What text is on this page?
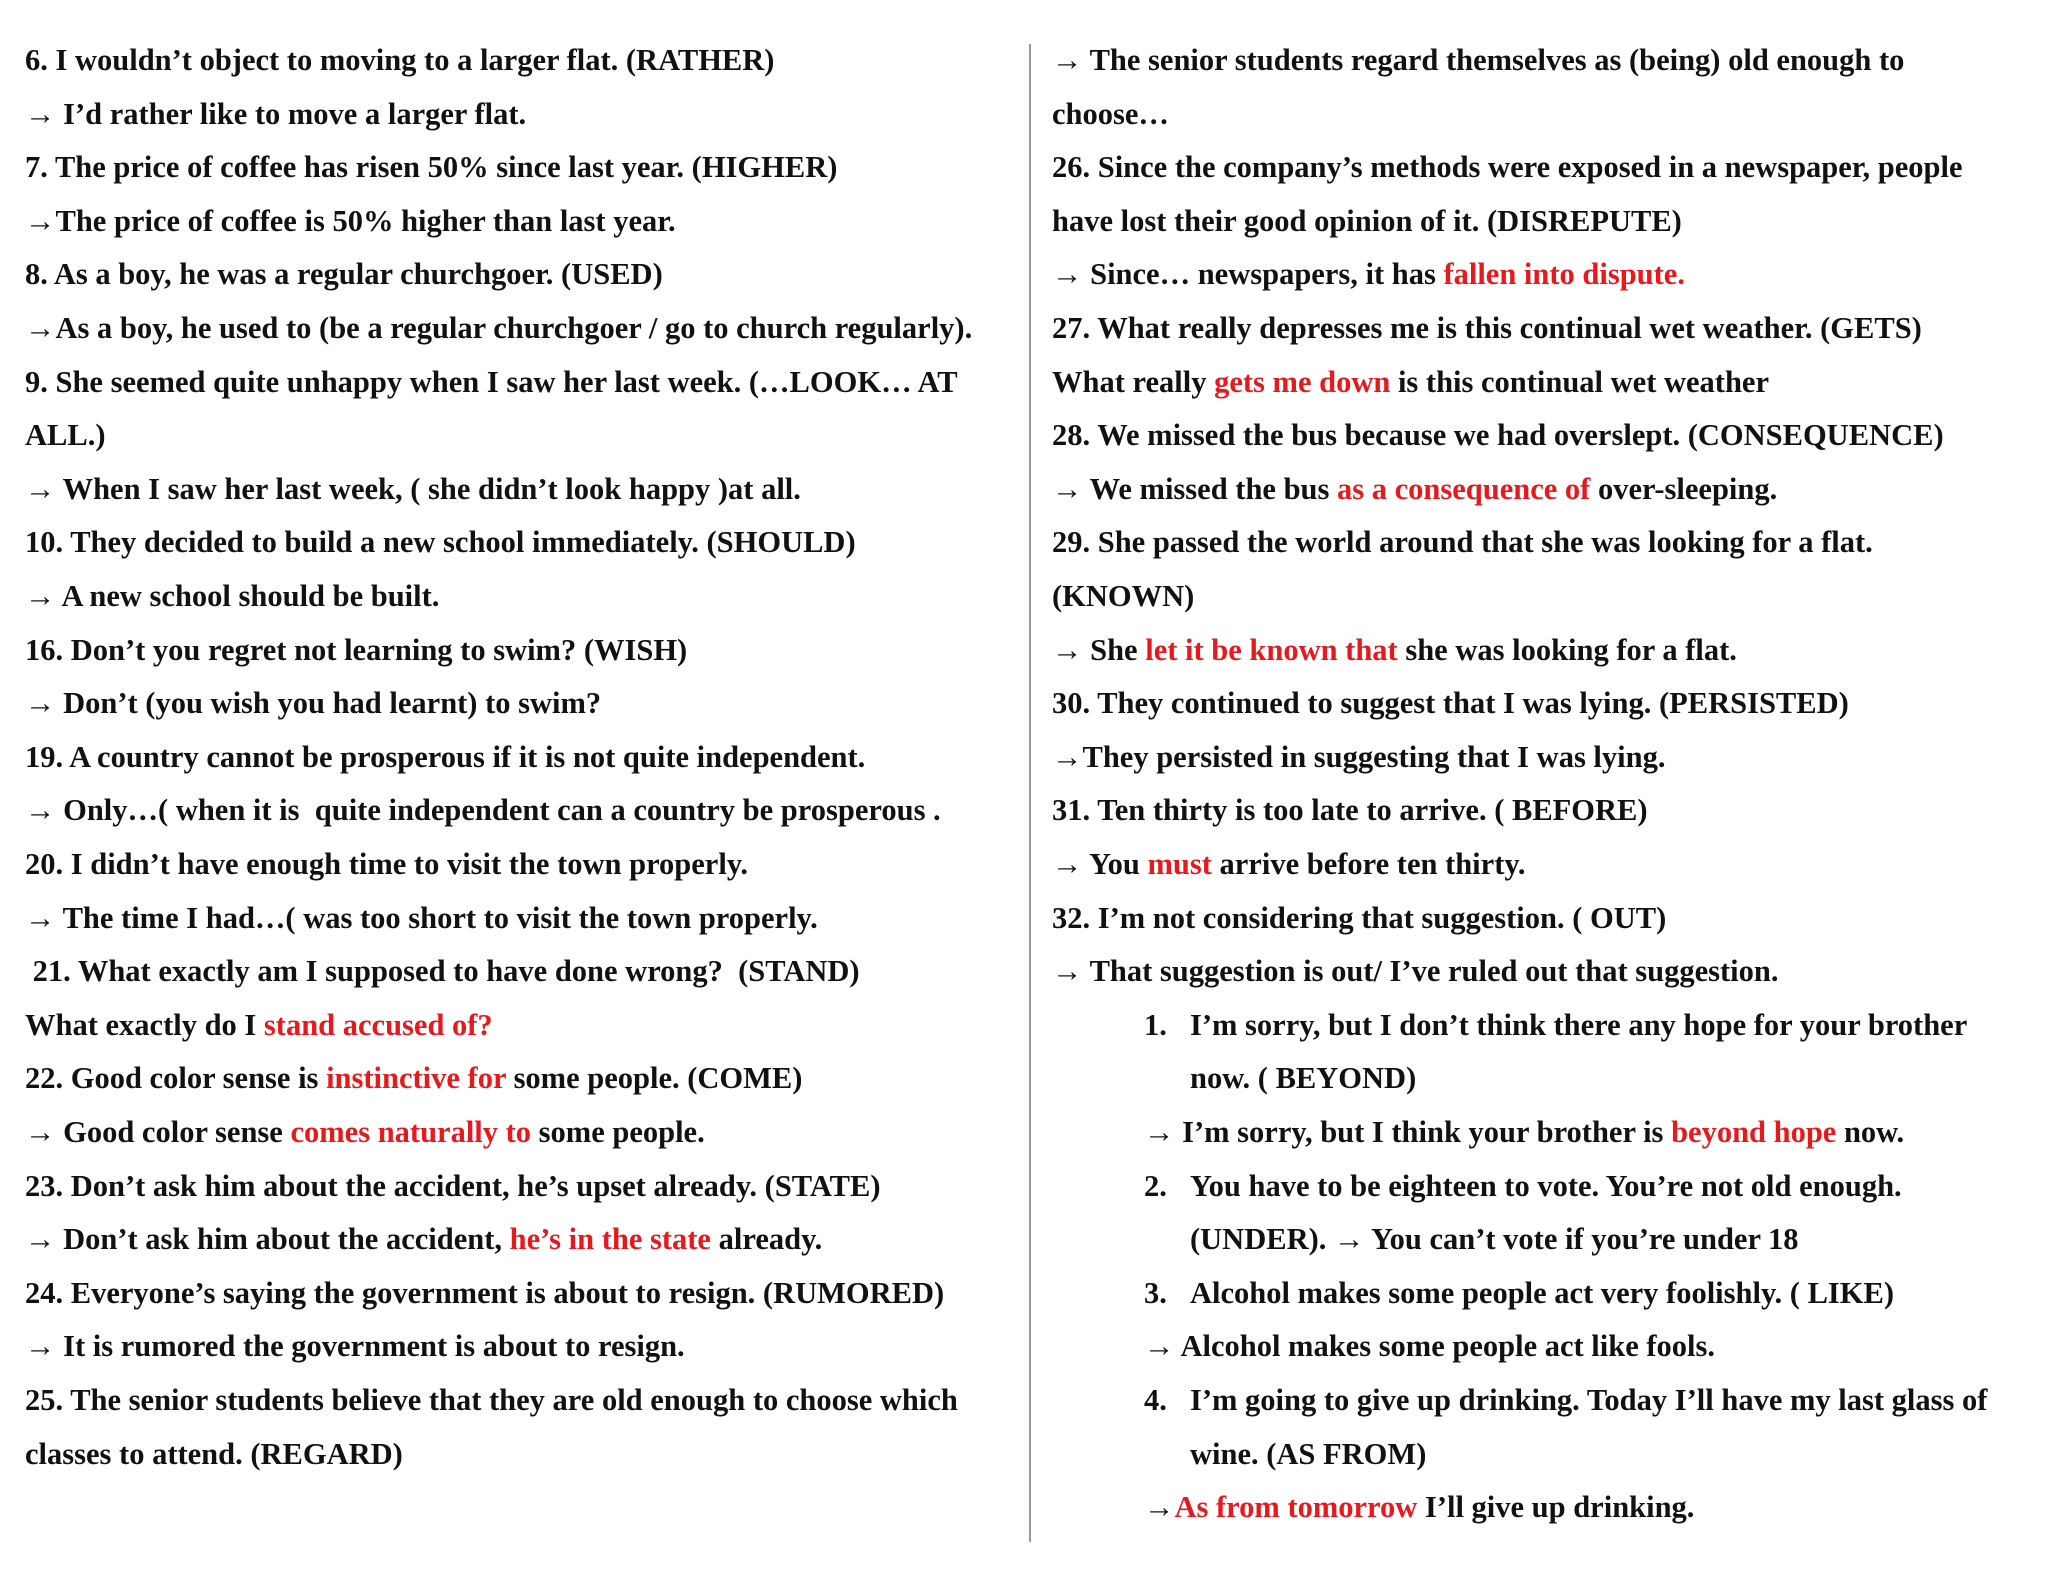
6. I wouldn’t object to moving to a larger flat. (RATHER)
→ I’d rather like to move a larger flat.
7. The price of coffee has risen 50% since last year. (HIGHER)
→The price of coffee is 50% higher than last year.
8. As a boy, he was a regular churchgoer. (USED)
→As a boy, he used to (be a regular churchgoer / go to church regularly).
9. She seemed quite unhappy when I saw her last week. (…LOOK… AT
ALL.)
→ When I saw her last week, ( she didn’t look happy )at all.
10. They decided to build a new school immediately. (SHOULD)
→ A new school should be built.
16. Don’t you regret not learning to swim? (WISH)
→ Don’t (you wish you had learnt) to swim?
19. A country cannot be prosperous if it is not quite independent.
→ Only…( when it is  quite independent can a country be prosperous .
20. I didn’t have enough time to visit the town properly.
→ The time I had…( was too short to visit the town properly.
21. What exactly am I supposed to have done wrong?  (STAND)
What exactly do I stand accused of?
22. Good color sense is instinctive for some people. (COME)
→ Good color sense comes naturally to some people.
23. Don’t ask him about the accident, he’s upset already. (STATE)
→ Don’t ask him about the accident, he’s in the state already.
24. Everyone’s saying the government is about to resign. (RUMORED)
→ It is rumored the government is about to resign.
25. The senior students believe that they are old enough to choose which
classes to attend. (REGARD)
→ The senior students regard themselves as (being) old enough to
choose…
26. Since the company’s methods were exposed in a newspaper, people
have lost their good opinion of it. (DISREPUTE)
→ Since… newspapers, it has fallen into dispute.
27. What really depresses me is this continual wet weather. (GETS)
What really gets me down is this continual wet weather
28. We missed the bus because we had overslept. (CONSEQUENCE)
→ We missed the bus as a consequence of over-sleeping.
29. She passed the world around that she was looking for a flat.
(KNOWN)
→ She let it be known that she was looking for a flat.
30. They continued to suggest that I was lying. (PERSISTED)
→They persisted in suggesting that I was lying.
31. Ten thirty is too late to arrive. ( BEFORE)
→ You must arrive before ten thirty.
32. I’m not considering that suggestion. ( OUT)
→ That suggestion is out/ I’ve ruled out that suggestion.
1. I’m sorry, but I don’t think there any hope for your brother
now. ( BEYOND)
→ I’m sorry, but I think your brother is beyond hope now.
2. You have to be eighteen to vote. You’re not old enough.
(UNDER). → You can’t vote if you’re under 18
3. Alcohol makes some people act very foolishly. ( LIKE)
→ Alcohol makes some people act like fools.
4. I’m going to give up drinking. Today I’ll have my last glass of
wine. (AS FROM)
→As from tomorrow I’ll give up drinking.
